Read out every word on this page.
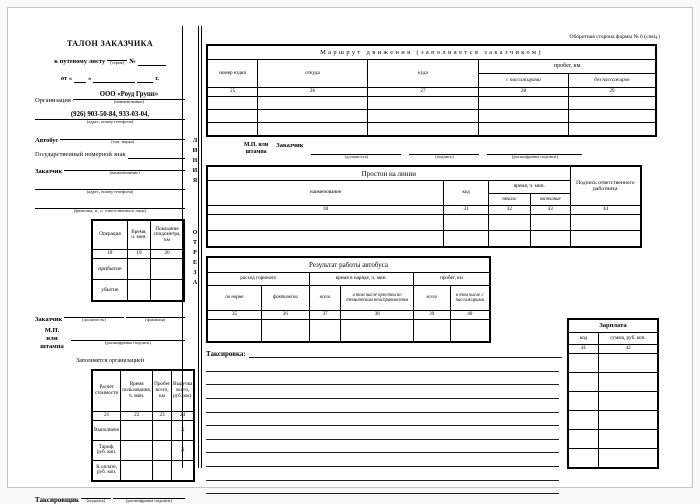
ТАЛОН ЗАКАЗЧИКА
к путевому листу (серия) №
от « »	г.
Организация
ООО «Роуд Групп»
(наименование)
(926) 903-50-84, 933-03-04,
(адрес, номер телефона)
Автобус	(тип, марка)
Государственный номерной знак
Заказчик	(наименование)
(адрес, номер телефона)

(фамилия, и., о. ответственного лица)
Операция	Время, ч. мин.	Показание спидометра, км
18	19	20
прибытие		
убытие		
Заказчик	(должность)	(фамилия)
М.П.
или
штампа
(расшифровка подписи)
Заполняется организацией
Расчет стоимости	Время пользования, ч. мин.	Пробег всего, км	Выручка всего, руб. коп.
21	22	23	24
Выполнено			X
Тариф, руб. коп.			X
К оплате, руб. коп.			
Таксировщик (подпись)	(расшифровка подписи)
ЛИНИЯ
ОТРЕЗА
Оборотная сторона формы № 6 (спец.)
Маршрут движения (заполняется заказчиком)				
номер ездки	откуда	куда	пробег, км	
			с пассажирами	без пассажиров
25	26	27	28	29

М.П. или
штампа
Заказчик
(должность)	(подпись)	(расшифровка подписи)
Простои на линии				Подпись ответственного работника
наименование	код	время, ч. мин.		
		начало	окончание	
30	31	32	33	34

Результат работы автобуса					
расход горючего		время в наряде, ч. мин.		пробег, км	
по норме	фактически	всего	в том числе простои по техническим неисправностям	всего	в том числе с пассажирами
35	36	37	38	39	40

Таксировка:
Зарплата	
код	сумма, руб. коп.
41	42
